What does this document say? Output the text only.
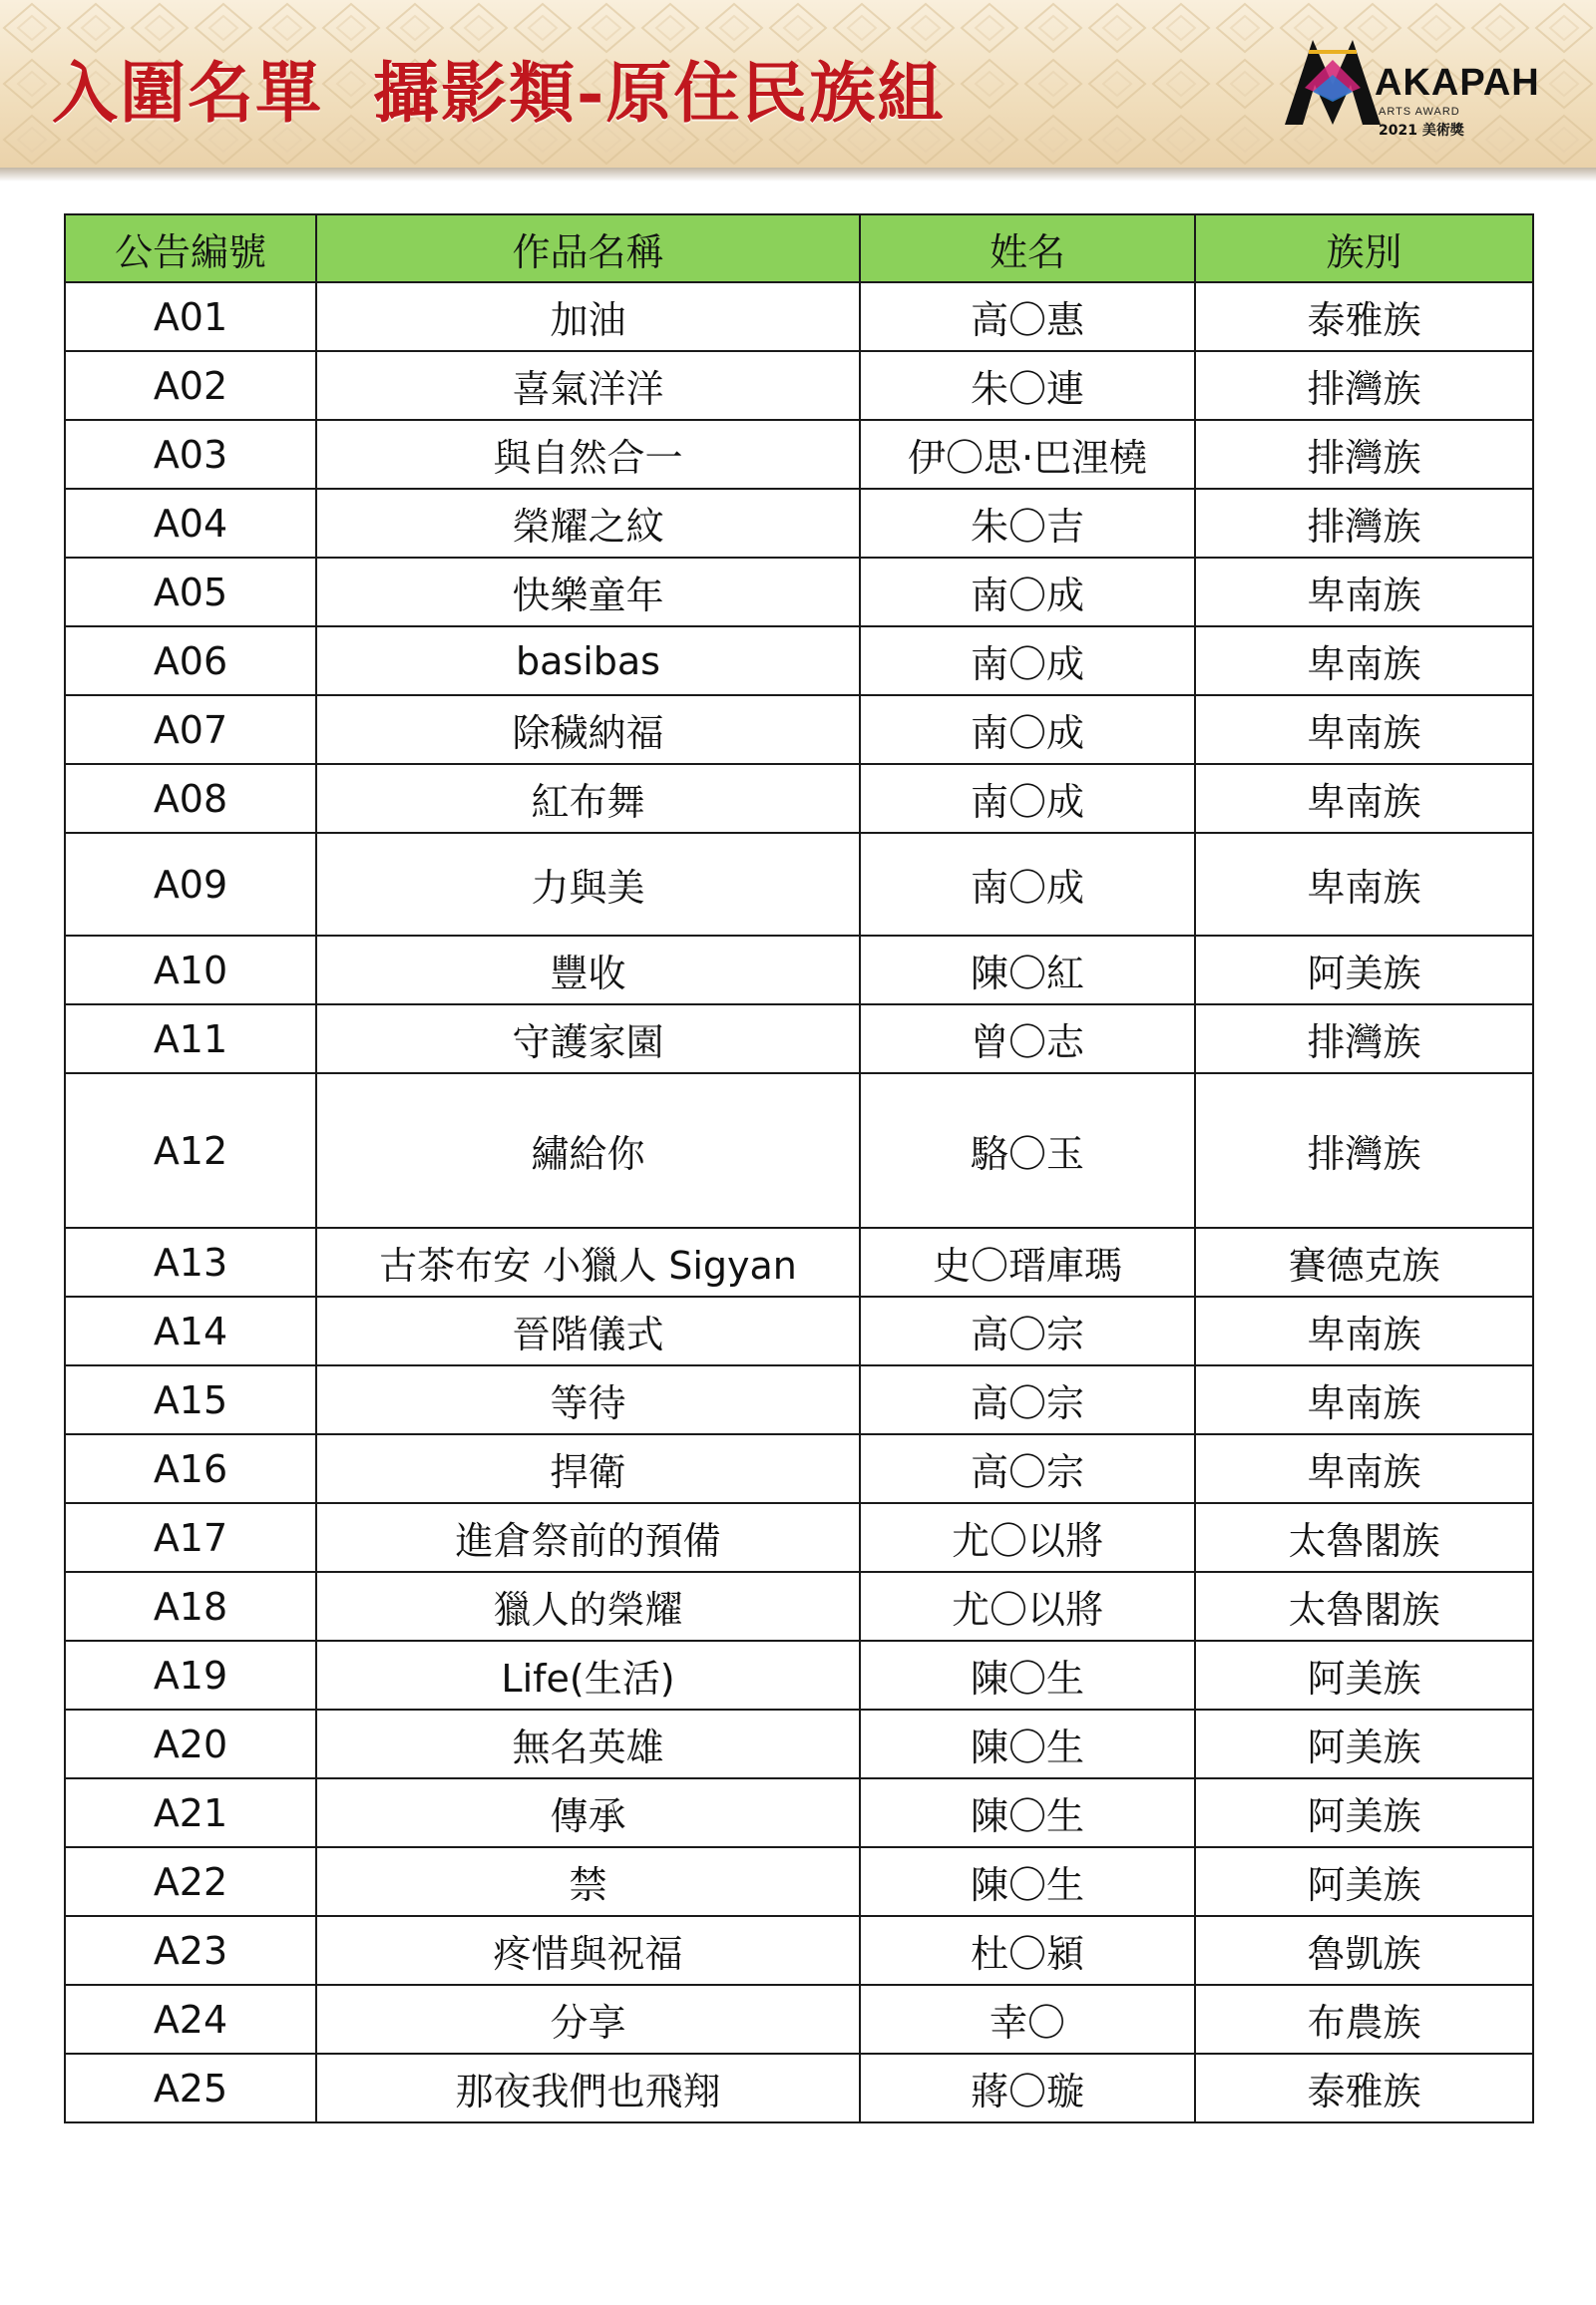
入圍名單  攝影類-原住民族組	AKAPAH
ARTS AWARD
2021 美術獎
公告編號	作品名稱	姓名	族別
A01	加油	高〇惠	泰雅族
A02	喜氣洋洋	朱〇連	排灣族
A03	與自然合一	伊〇思·巴浬橈	排灣族
A04	榮耀之紋	朱〇吉	排灣族
A05	快樂童年	南〇成	卑南族
A06	basibas	南〇成	卑南族
A07	除穢納福	南〇成	卑南族
A08	紅布舞	南〇成	卑南族
A09	力與美	南〇成	卑南族
A10	豐收	陳〇紅	阿美族
A11	守護家園	曾〇志	排灣族
A12	繡給你	駱〇玉	排灣族
A13	古茶布安 小獵人 Sigyan	史〇瑨庫瑪	賽德克族
A14	晉階儀式	高〇宗	卑南族
A15	等待	高〇宗	卑南族
A16	捍衛	高〇宗	卑南族
A17	進倉祭前的預備	尤〇以將	太魯閣族
A18	獵人的榮耀	尤〇以將	太魯閣族
A19	Life(生活)	陳〇生	阿美族
A20	無名英雄	陳〇生	阿美族
A21	傳承	陳〇生	阿美族
A22	禁	陳〇生	阿美族
A23	疼惜與祝福	杜〇潁	魯凱族
A24	分享	幸〇	布農族
A25	那夜我們也飛翔	蔣〇璇	泰雅族
